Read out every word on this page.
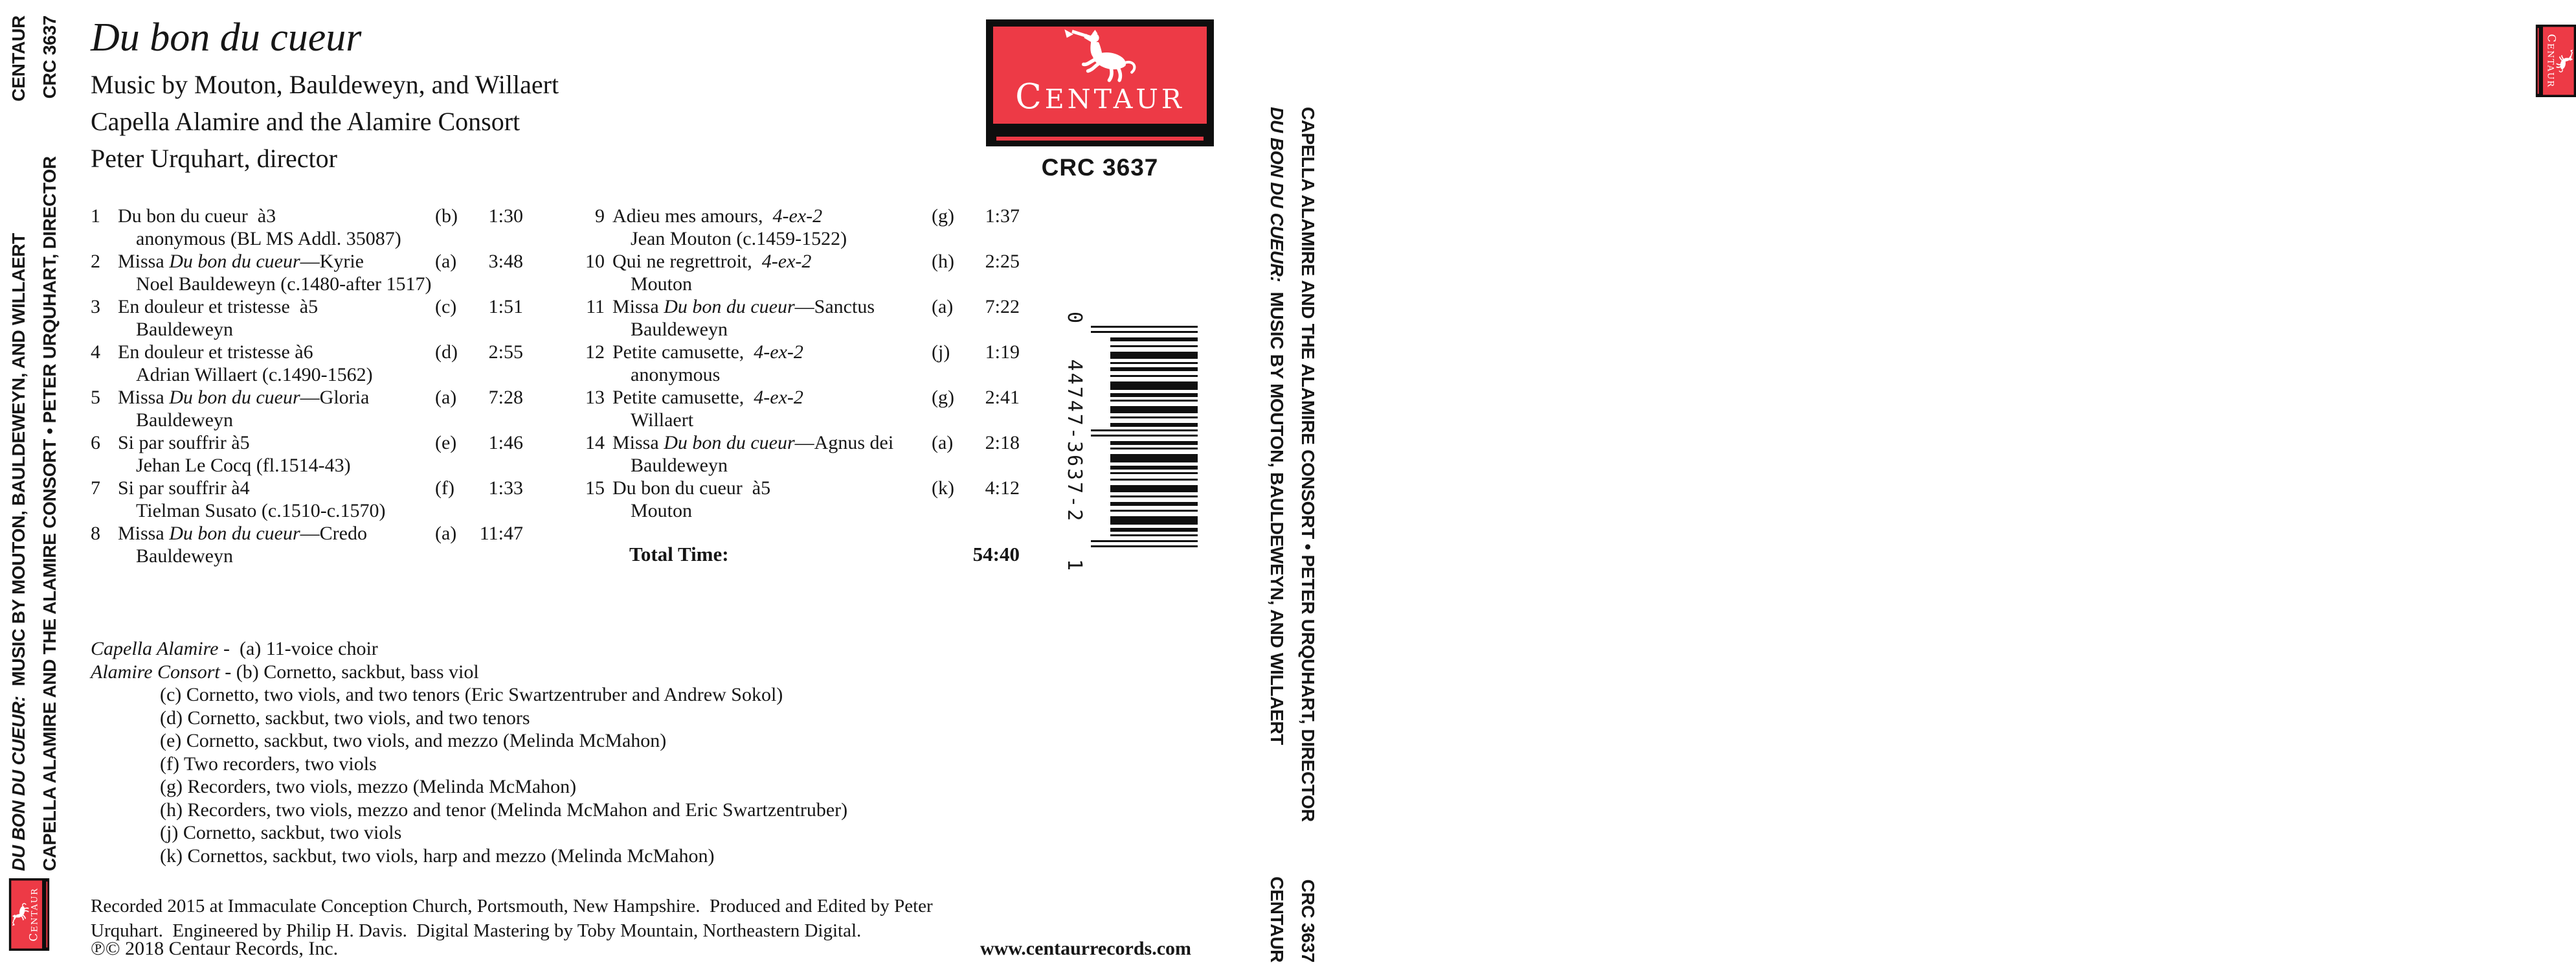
DU BON DU CUEUR:  MUSIC BY MOUTON, BAULDEWEYN, AND WILLAERT
CENTAUR
CAPELLA ALAMIRE AND THE ALAMIRE CONSORT • PETER URQUHART, DIRECTOR
CRC 3637
CENTAUR
CAPELLA ALAMIRE AND THE ALAMIRE CONSORT • PETER URQUHART, DIRECTOR
CRC 3637
DU BON DU CUEUR:  MUSIC BY MOUTON, BAULDEWEYN, AND WILLAERT
CENTAUR
CENTAUR
Du bon du cueur
Music by Mouton, Bauldeweyn, and Willaert
Capella Alamire and the Alamire Consort
Peter Urquhart, director
CENTAUR
CRC 3637
1 Du bon du cueur  à3	(b)	1:30
anonymous (BL MS Addl. 35087)
2 Missa Du bon du cueur—Kyrie	(a)	3:48
Noel Bauldeweyn (c.1480-after 1517)
3 En douleur et tristesse  à5	(c)	1:51
Bauldeweyn
4 En douleur et tristesse à6	(d)	2:55
Adrian Willaert (c.1490-1562)
5 Missa Du bon du cueur—Gloria	(a)	7:28
Bauldeweyn
6 Si par souffrir à5	(e)	1:46
Jehan Le Cocq (fl.1514-43)
7 Si par souffrir à4	(f)	1:33
Tielman Susato (c.1510-c.1570)
8 Missa Du bon du cueur—Credo	(a)	11:47
Bauldeweyn
9 Adieu mes amours,  4-ex-2	(g)	1:37
Jean Mouton (c.1459-1522)
10 Qui ne regrettroit,  4-ex-2	(h)	2:25
Mouton
11 Missa Du bon du cueur—Sanctus	(a)	7:22
Bauldeweyn
12 Petite camusette,  4-ex-2	(j)	1:19
anonymous
13 Petite camusette,  4-ex-2	(g)	2:41
Willaert
14 Missa Du bon du cueur—Agnus dei	(a)	2:18
Bauldeweyn
15 Du bon du cueur  à5	(k)	4:12
Mouton
Total Time:	54:40
Capella Alamire -  (a) 11-voice choir
Alamire Consort - (b) Cornetto, sackbut, bass viol
(c) Cornetto, two viols, and two tenors (Eric Swartzentruber and Andrew Sokol)
(d) Cornetto, sackbut, two viols, and two tenors
(e) Cornetto, sackbut, two viols, and mezzo (Melinda McMahon)
(f) Two recorders, two viols
(g) Recorders, two viols, mezzo (Melinda McMahon)
(h) Recorders, two viols, mezzo and tenor (Melinda McMahon and Eric Swartzentruber)
(j) Cornetto, sackbut, two viols
(k) Cornettos, sackbut, two viols, harp and mezzo (Melinda McMahon)
Recorded 2015 at Immaculate Conception Church, Portsmouth, New Hampshire.  Produced and Edited by Peter
Urquhart.  Engineered by Philip H. Davis.  Digital Mastering by Toby Mountain, Northeastern Digital.
℗© 2018 Centaur Records, Inc.	www.centaurrecords.com
0
44747-3637-2
1
